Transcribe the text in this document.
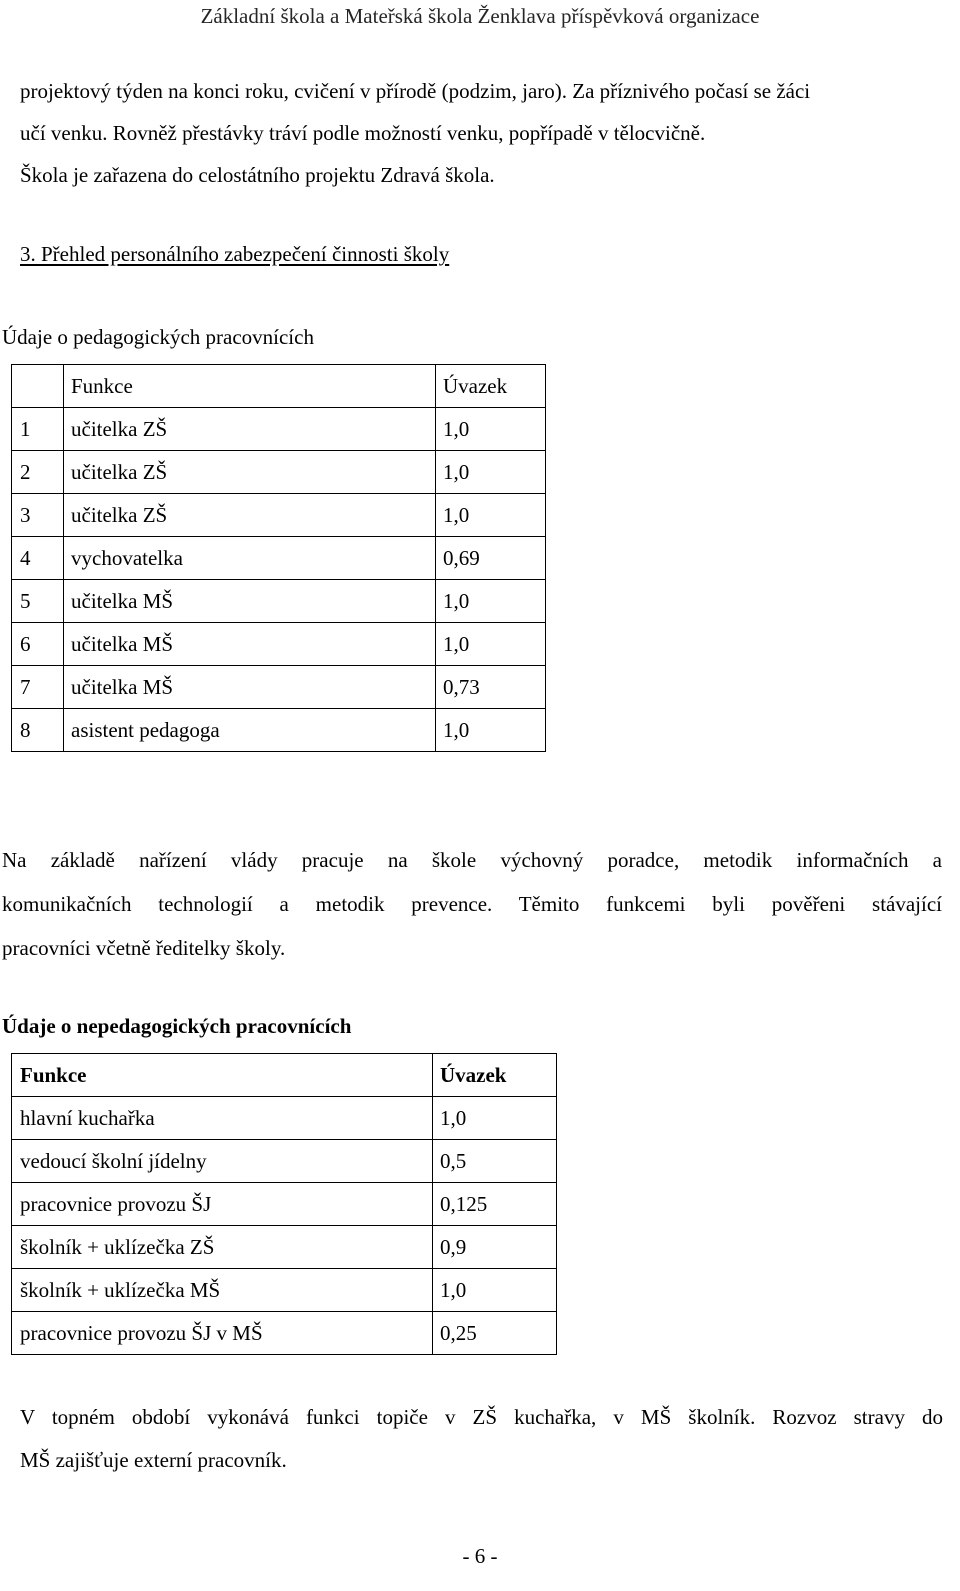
Základní škola a Mateřská škola Ženklava příspěvková organizace
projektový týden na konci roku, cvičení v přírodě (podzim, jaro). Za příznivého počasí se žáci
učí venku. Rovněž přestávky tráví podle možností venku, popřípadě v tělocvičně.
Škola je zařazena do celostátního projektu Zdravá škola.
3. Přehled personálního zabezpečení činnosti školy
Údaje o pedagogických pracovnících
	Funkce	Úvazek
1	učitelka ZŠ	1,0
2	učitelka ZŠ	1,0
3	učitelka ZŠ	1,0
4	vychovatelka	0,69
5	učitelka MŠ	1,0
6	učitelka MŠ	1,0
7	učitelka MŠ	0,73
8	asistent pedagoga	1,0
Na základě nařízení vlády pracuje na škole výchovný poradce, metodik informačních a
komunikačních technologií a metodik prevence. Těmito funkcemi byli pověřeni stávající
pracovníci včetně ředitelky školy.
Údaje o nepedagogických pracovnících
Funkce	Úvazek
hlavní kuchařka	1,0
vedoucí školní jídelny	0,5
pracovnice provozu ŠJ	0,125
školník + uklízečka ZŠ	0,9
školník + uklízečka MŠ	1,0
pracovnice provozu ŠJ v MŠ	0,25
V topném období vykonává funkci topiče v ZŠ kuchařka, v MŠ školník. Rozvoz stravy do
MŠ zajišťuje externí pracovník.
- 6 -
